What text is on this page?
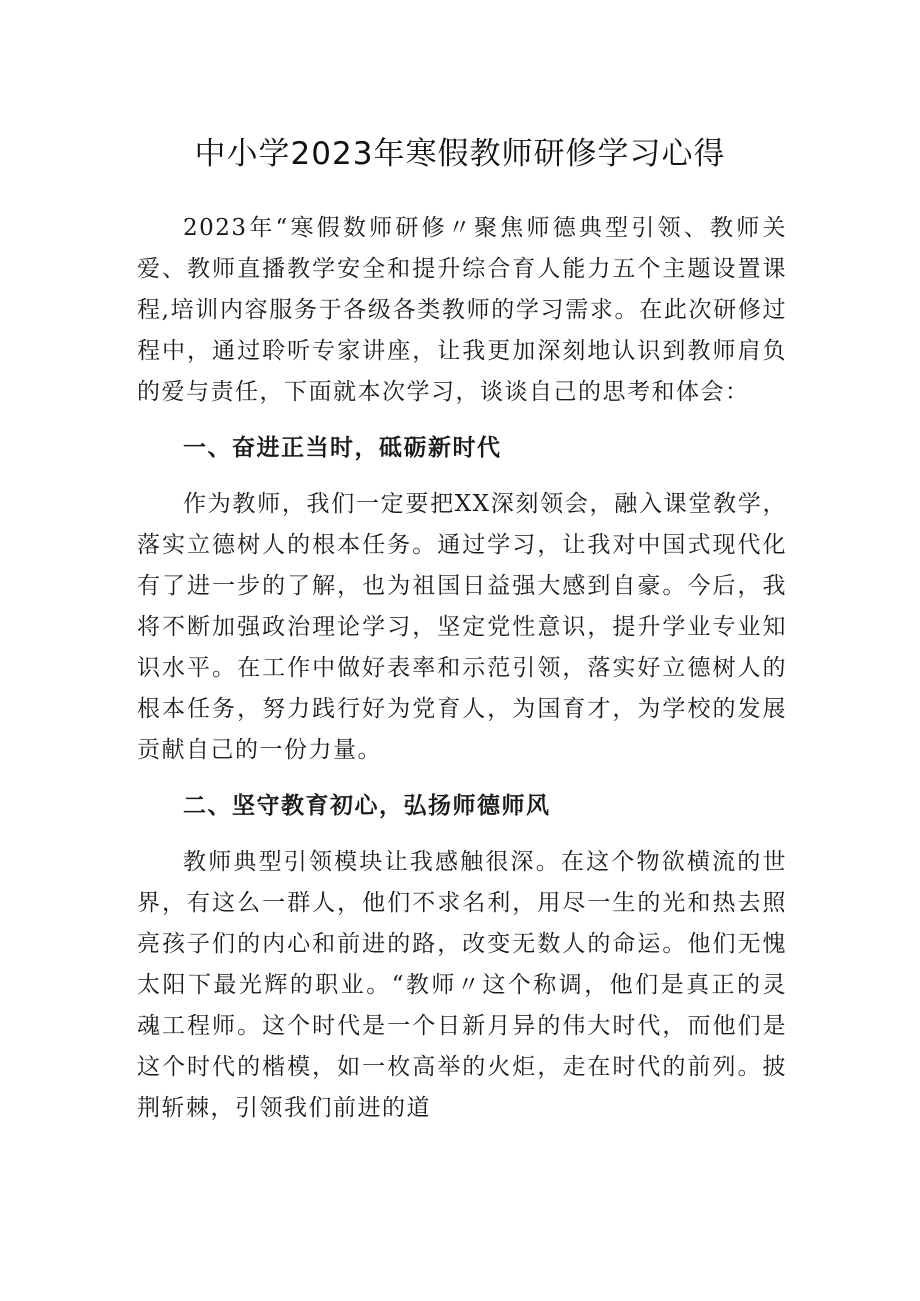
中小学2023年寒假教师研修学习心得

2023年“寒假数师研修〃聚焦师德典型引领、教师关爱、教师直播教学安全和提升综合育人能力五个主题设置课程,培训内容服务于各级各类教师的学习需求。在此次研修过程中，通过聆听专家讲座，让我更加深刻地认识到教师肩负的爱与责任，下面就本次学习，谈谈自己的思考和体会：

一、奋进正当时，砥砺新时代

作为教师，我们一定要把XX深刻领会，融入课堂敎学，落实立德树人的根本任务。通过学习，让我对中国式现代化有了进一步的了解，也为祖国日益强大感到自豪。今后，我将不断加强政治理论学习，坚定党性意识，提升学业专业知识水平。在工作中做好表率和示范引领，落实好立德树人的根本任务，努力践行好为党育人，为国育才，为学校的发展贡献自己的一份力量。

二、坚守教育初心，弘扬师德师风

教师典型引领模块让我感触很深。在这个物欲横流的世界，有这么一群人，他们不求名利，用尽一生的光和热去照亮孩子们的内心和前进的路，改变无数人的命运。他们无愧太阳下最光辉的职业。“教师〃这个称调，他们是真正的灵魂工程师。这个时代是一个日新月异的伟大时代，而他们是这个时代的楷模，如一枚高举的火炬，走在时代的前列。披荆斩棘，引领我们前进的道
